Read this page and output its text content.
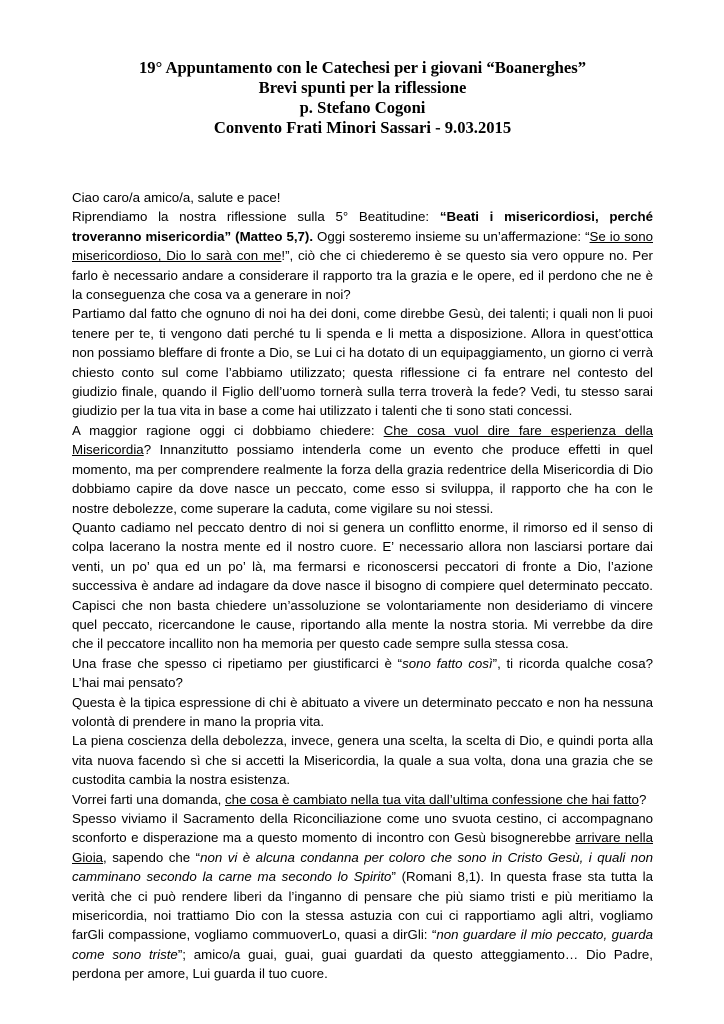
19° Appuntamento con le Catechesi per i giovani “Boanerghes”
Brevi spunti per la riflessione
p. Stefano Cogoni
Convento Frati Minori Sassari - 9.03.2015

Ciao caro/a amico/a, salute e pace!

Riprendiamo la nostra riflessione sulla 5° Beatitudine: “Beati i misericordiosi, perché troveranno misericordia” (Matteo 5,7). Oggi sosteremo insieme su un’affermazione: “Se io sono misericordioso, Dio lo sarà con me!”, ciò che ci chiederemo è se questo sia vero oppure no. Per farlo è necessario andare a considerare il rapporto tra la grazia e le opere, ed il perdono che ne è la conseguenza che cosa va a generare in noi?

Partiamo dal fatto che ognuno di noi ha dei doni, come direbbe Gesù, dei talenti; i quali non li puoi tenere per te, ti vengono dati perché tu li spenda e li metta a disposizione. Allora in quest’ottica non possiamo bleffare di fronte a Dio, se Lui ci ha dotato di un equipaggiamento, un giorno ci verrà chiesto conto sul come l’abbiamo utilizzato; questa riflessione ci fa entrare nel contesto del giudizio finale, quando il Figlio dell’uomo tornerà sulla terra troverà la fede? Vedi, tu stesso sarai giudizio per la tua vita in base a come hai utilizzato i talenti che ti sono stati concessi.

A maggior ragione oggi ci dobbiamo chiedere: Che cosa vuol dire fare esperienza della Misericordia? Innanzitutto possiamo intenderla come un evento che produce effetti in quel momento, ma per comprendere realmente la forza della grazia redentrice della Misericordia di Dio dobbiamo capire da dove nasce un peccato, come esso si sviluppa, il rapporto che ha con le nostre debolezze, come superare la caduta, come vigilare su noi stessi.

Quanto cadiamo nel peccato dentro di noi si genera un conflitto enorme, il rimorso ed il senso di colpa lacerano la nostra mente ed il nostro cuore. E’ necessario allora non lasciarsi portare dai venti, un po’ qua ed un po’ là, ma fermarsi e riconoscersi peccatori di fronte a Dio, l’azione successiva è andare ad indagare da dove nasce il bisogno di compiere quel determinato peccato. Capisci che non basta chiedere un’assoluzione se volontariamente non desideriamo di vincere quel peccato, ricercandone le cause, riportando alla mente la nostra storia. Mi verrebbe da dire che il peccatore incallito non ha memoria per questo cade sempre sulla stessa cosa.

Una frase che spesso ci ripetiamo per giustificarci è “sono fatto così”, ti ricorda qualche cosa? L’hai mai pensato?

Questa è la tipica espressione di chi è abituato a vivere un determinato peccato e non ha nessuna volontà di prendere in mano la propria vita.

La piena coscienza della debolezza, invece, genera una scelta, la scelta di Dio, e quindi porta alla vita nuova facendo sì che si accetti la Misericordia, la quale a sua volta, dona una grazia che se custodita cambia la nostra esistenza.

Vorrei farti una domanda, che cosa è cambiato nella tua vita dall’ultima confessione che hai fatto?

Spesso viviamo il Sacramento della Riconciliazione come uno svuota cestino, ci accompagnano sconforto e disperazione ma a questo momento di incontro con Gesù bisognerebbe arrivare nella Gioia, sapendo che “non vi è alcuna condanna per coloro che sono in Cristo Gesù, i quali non camminano secondo la carne ma secondo lo Spirito” (Romani 8,1). In questa frase sta tutta la verità che ci può rendere liberi da l’inganno di pensare che più siamo tristi e più meritiamo la misericordia, noi trattiamo Dio con la stessa astuzia con cui ci rapportiamo agli altri, vogliamo farGli compassione, vogliamo commuoverLo, quasi a dirGli: “non guardare il mio peccato, guarda come sono triste”; amico/a guai, guai, guai guardati da questo atteggiamento… Dio Padre, perdona per amore, Lui guarda il tuo cuore.
